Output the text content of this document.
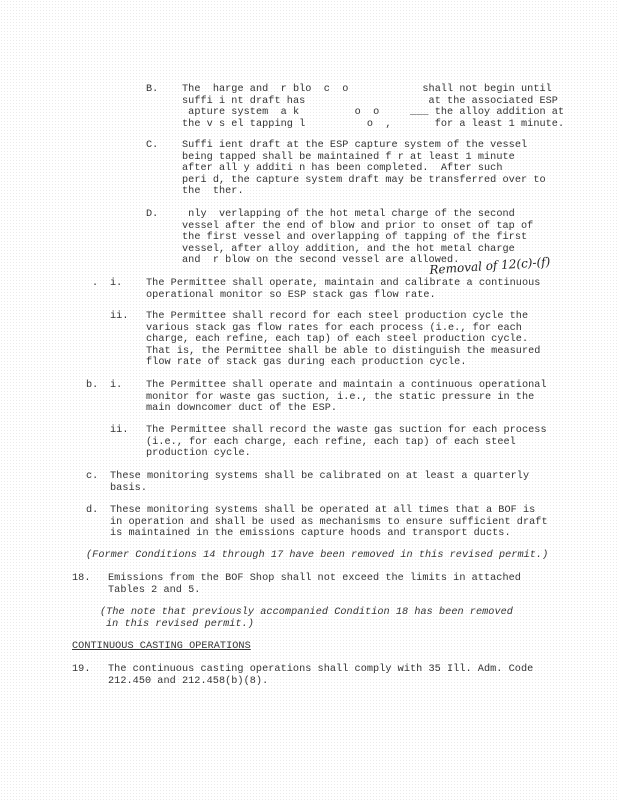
B. The  harge and  r blo  c  o            shall not begin until
suffi i nt draft has                    at the associated ESP
apture system  a k         o  o     ___ the alloy addition at
the v s el tapping l          o  ,       for a least 1 minute.
C. Suffi ient draft at the ESP capture system of the vessel
being tapped shall be maintained f r at least 1 minute
after all y additi n has been completed.  After such
peri d, the capture system draft may be transferred over to
the  ther.
D. nly  verlapping of the hot metal charge of the second
vessel after the end of blow and prior to onset of tap of
the first vessel and overlapping of tapping of the first
vessel, after alloy addition, and the hot metal charge
and  r blow on the second vessel are allowed.
Removal of 12(c)-(f)
. i. The Permittee shall operate, maintain and calibrate a continuous
operational monitor so ESP stack gas flow rate.
ii. The Permittee shall record for each steel production cycle the
various stack gas flow rates for each process (i.e., for each
charge, each refine, each tap) of each steel production cycle.
That is, the Permittee shall be able to distinguish the measured
flow rate of stack gas during each production cycle.
b. i. The Permittee shall operate and maintain a continuous operational
monitor for waste gas suction, i.e., the static pressure in the
main downcomer duct of the ESP.
ii. The Permittee shall record the waste gas suction for each process
(i.e., for each charge, each refine, each tap) of each steel
production cycle.
c. These monitoring systems shall be calibrated on at least a quarterly
basis.
d. These monitoring systems shall be operated at all times that a BOF is
in operation and shall be used as mechanisms to ensure sufficient draft
is maintained in the emissions capture hoods and transport ducts.
(Former Conditions 14 through 17 have been removed in this revised permit.)
18. Emissions from the BOF Shop shall not exceed the limits in attached
Tables 2 and 5.
(The note that previously accompanied Condition 18 has been removed
in this revised permit.)
CONTINUOUS CASTING OPERATIONS
19. The continuous casting operations shall comply with 35 Ill. Adm. Code
212.450 and 212.458(b)(8).
